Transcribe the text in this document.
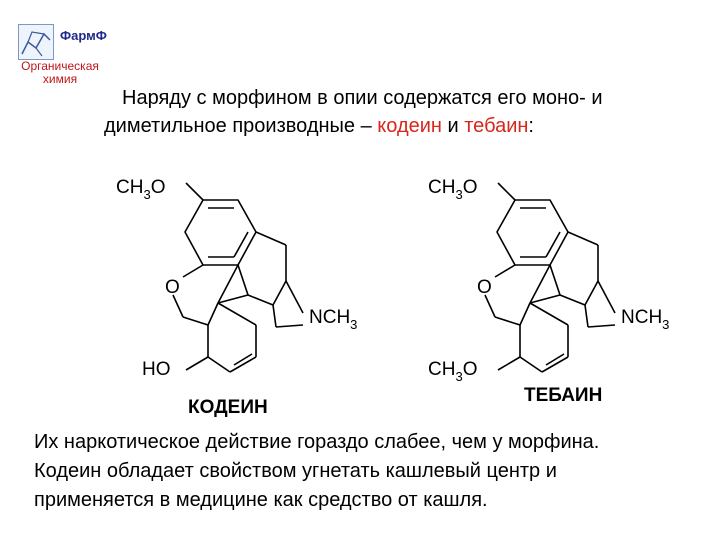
ФармФ
Органическая
химия
Наряду с морфином в опии содержатся его моно- и
диметильное производные – кодеин и тебаин:
$CH_3O$
O
$NCH_3$
HO
КОДЕИН
$CH_3O$
O
$NCH_3$
$CH_3O$
ТЕБАИН
Их наркотическое действие гораздо слабее, чем у морфина.
Кодеин обладает свойством угнетать кашлевый центр и
применяется в медицине как средство от кашля.
